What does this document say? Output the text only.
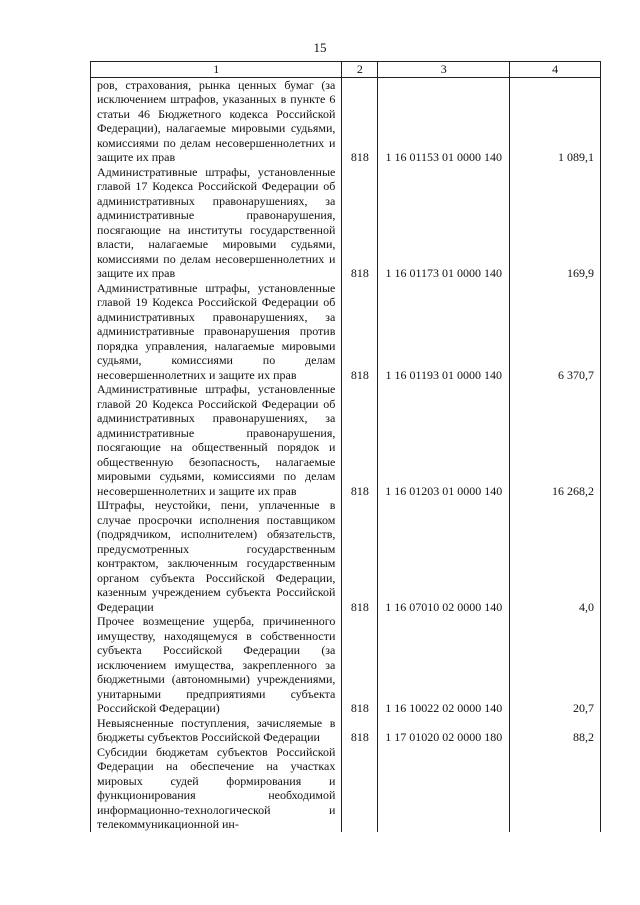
15
1	2	3	4

ров, страхования, рынка ценных бумаг (за исключением штрафов, указанных в пункте 6 статьи 46 Бюджетного кодекса Российской Федерации), налагаемые мировыми судьями, комиссиями по делам несовершеннолетних и защите их прав	818	1 16 01153 01 0000 140	1 089,1

Административные штрафы, установленные главой 17 Кодекса Российской Федерации об административных правонарушениях, за административные правонарушения, посягающие на институты государственной власти, налагаемые мировыми судьями, комиссиями по делам несовершеннолетних и защите их прав	818	1 16 01173 01 0000 140	169,9

Административные штрафы, установленные главой 19 Кодекса Российской Федерации об административных правонарушениях, за административные правонарушения против порядка управления, налагаемые мировыми судьями, комиссиями по делам несовершеннолетних и защите их прав	818	1 16 01193 01 0000 140	6 370,7

Административные штрафы, установленные главой 20 Кодекса Российской Федерации об административных правонарушениях, за административные правонарушения, посягающие на общественный порядок и общественную безопасность, налагаемые мировыми судьями, комиссиями по делам несовершеннолетних и защите их прав	818	1 16 01203 01 0000 140	16 268,2

Штрафы, неустойки, пени, уплаченные в случае просрочки исполнения поставщиком (подрядчиком, исполнителем) обязательств, предусмотренных государственным контрактом, заключенным государственным органом субъекта Российской Федерации, казенным учреждением субъекта Российской Федерации	818	1 16 07010 02 0000 140	4,0

Прочее возмещение ущерба, причиненного имуществу, находящемуся в собственности субъекта Российской Федерации (за исключением имущества, закрепленного за бюджетными (автономными) учреждениями, унитарными предприятиями субъекта Российской Федерации)	818	1 16 10022 02 0000 140	20,7

Невыясненные поступления, зачисляемые в бюджеты субъектов Российской Федерации	818	1 17 01020 02 0000 180	88,2

Субсидии бюджетам субъектов Российской Федерации на обеспечение на участках мировых судей формирования и функционирования необходимой информационно-технологической и телекоммуникационной ин-			
